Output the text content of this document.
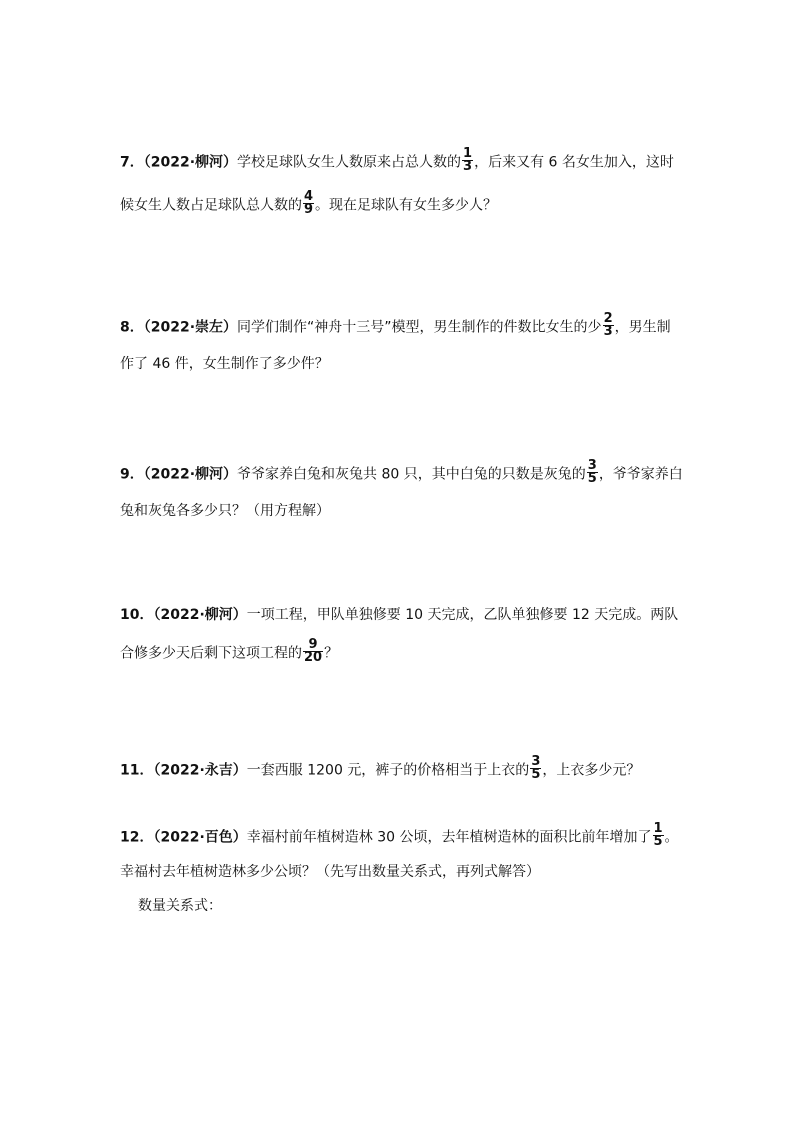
7．（2022·柳河）学校足球队女生人数原来占总人数的 $\frac{1}{3}$ ，后来又有 6 名女生加入，这时
候女生人数占足球队总人数的 $\frac{4}{9}$ 。现在足球队有女生多少人？
8．（2022·崇左）同学们制作“神舟十三号”模型，男生制作的件数比女生的少 $\frac{2}{3}$ ，男生制
作了 46 件，女生制作了多少件？
9．（2022·柳河）爷爷家养白兔和灰兔共 80 只，其中白兔的只数是灰兔的 $\frac{3}{5}$ ，爷爷家养白
兔和灰兔各多少只？（用方程解）
10．（2022·柳河）一项工程，甲队单独修要 10 天完成，乙队单独修要 12 天完成。两队
合修多少天后剩下这项工程的 $\frac{9}{20}$ ？
11．（2022·永吉）一套西服 1200 元，裤子的价格相当于上衣的 $\frac{3}{5}$ ，上衣多少元？
12．（2022·百色）幸福村前年植树造林 30 公顷，去年植树造林的面积比前年增加了 $\frac{1}{5}$ 。
幸福村去年植树造林多少公顷？（先写出数量关系式，再列式解答）
数量关系式：
